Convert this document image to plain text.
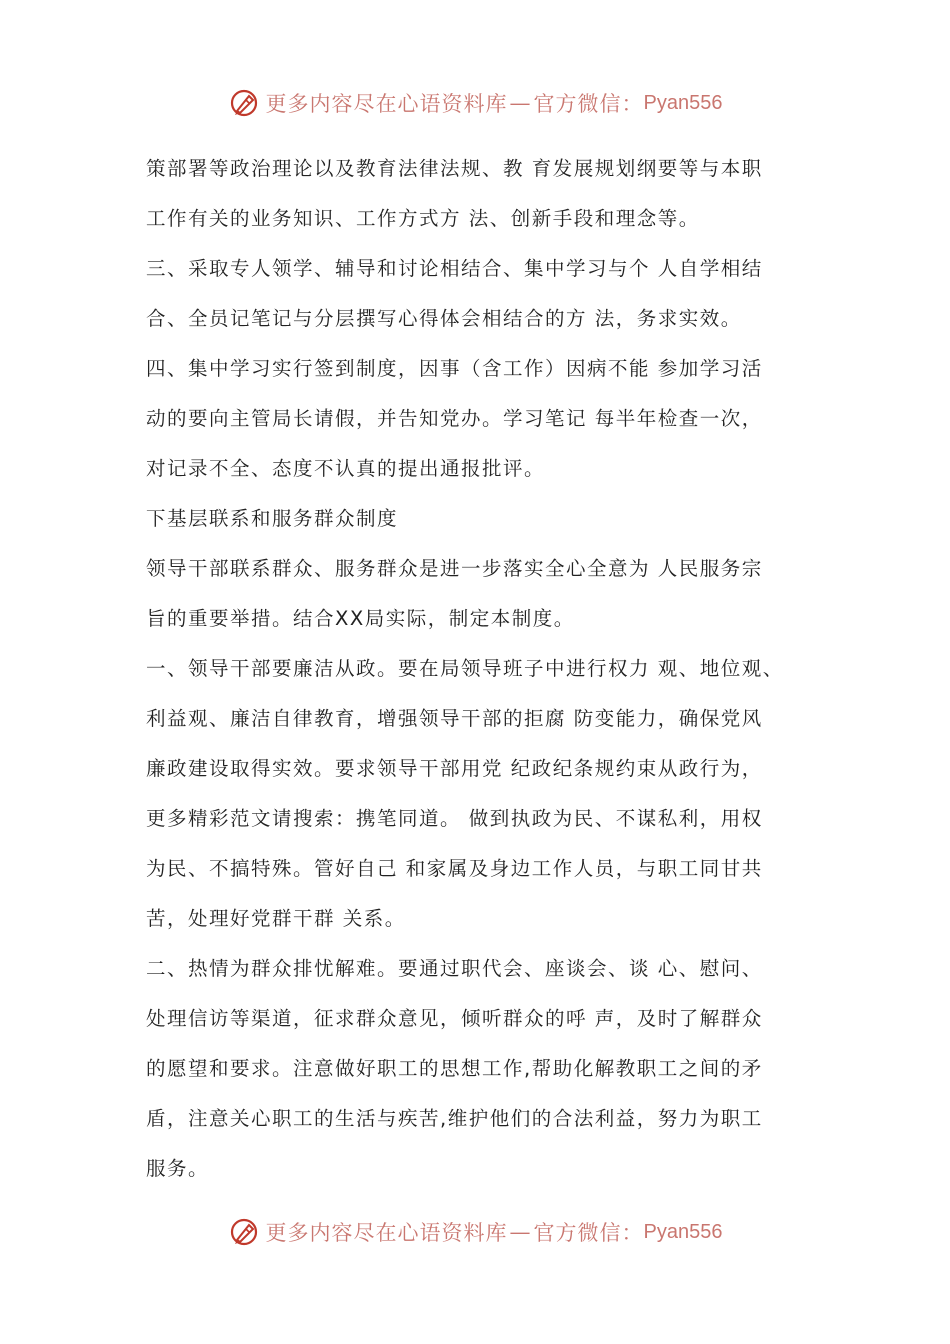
更多内容尽在心语资料库 — 官方微信： Pyan556
策部署等政治理论以及教育法律法规、教 育发展规划纲要等与本职
工作有关的业务知识、工作方式方 法、创新手段和理念等。
三、采取专人领学、辅导和讨论相结合、集中学习与个 人自学相结
合、全员记笔记与分层撰写心得体会相结合的方 法，务求实效。
四、集中学习实行签到制度，因事（含工作）因病不能 参加学习活
动的要向主管局长请假，并告知党办。学习笔记 每半年检查一次，
对记录不全、态度不认真的提出通报批评。
下基层联系和服务群众制度
领导干部联系群众、服务群众是进一步落实全心全意为 人民服务宗
旨的重要举措。结合XX局实际，制定本制度。
一、领导干部要廉洁从政。要在局领导班子中进行权力 观、地位观、
利益观、廉洁自律教育，增强领导干部的拒腐 防变能力，确保党风
廉政建设取得实效。要求领导干部用党 纪政纪条规约束从政行为，
更多精彩范文请搜索：携笔同道。 做到执政为民、不谋私利，用权
为民、不搞特殊。管好自己 和家属及身边工作人员，与职工同甘共
苦，处理好党群干群 关系。
二、热情为群众排忧解难。要通过职代会、座谈会、谈 心、慰问、
处理信访等渠道，征求群众意见，倾听群众的呼 声，及时了解群众
的愿望和要求。注意做好职工的思想工作,帮助化解教职工之间的矛
盾，注意关心职工的生活与疾苦,维护他们的合法利益，努力为职工
服务。
更多内容尽在心语资料库 — 官方微信： Pyan556
